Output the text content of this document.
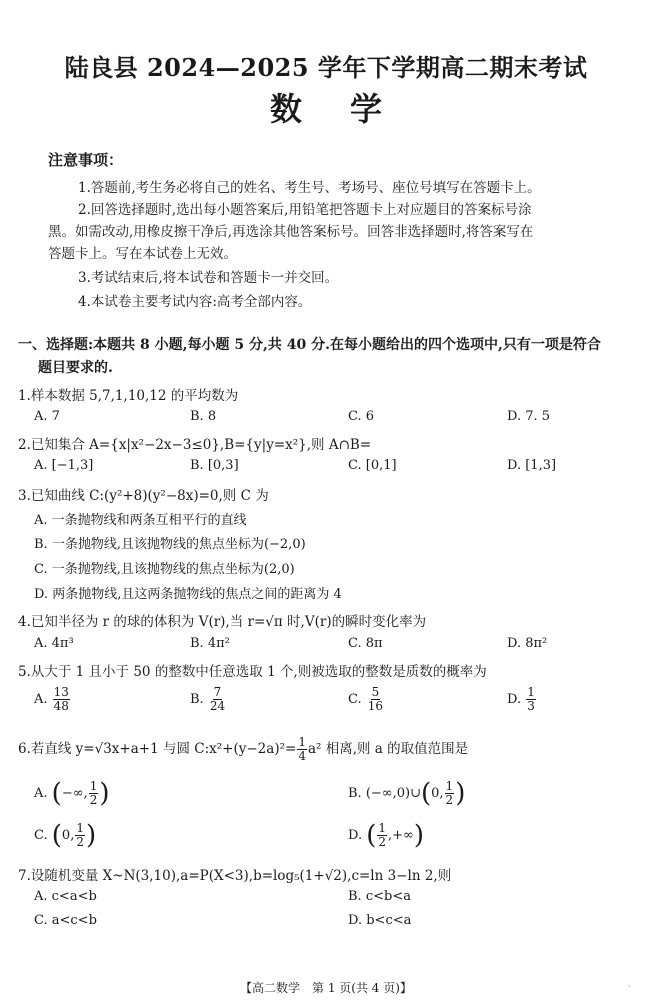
陆良县 2024—2025 学年下学期高二期末考试
数学
注意事项：
1.答题前,考生务必将自己的姓名、考生号、考场号、座位号填写在答题卡上。
2.回答选择题时,选出每小题答案后,用铅笔把答题卡上对应题目的答案标号涂
黑。如需改动,用橡皮擦干净后,再选涂其他答案标号。回答非选择题时,将答案写在
答题卡上。写在本试卷上无效。
3.考试结束后,将本试卷和答题卡一并交回。
4.本试卷主要考试内容:高考全部内容。
一、选择题:本题共 8 小题,每小题 5 分,共 40 分.在每小题给出的四个选项中,只有一项是符合
题目要求的.
1.样本数据 5,7,1,10,12 的平均数为
A. 7	B. 8	C. 6	D. 7. 5
2.已知集合 A={x|x²−2x−3≤0},B={y|y=x²},则 A∩B=
A. [−1,3]	B. [0,3]	C. [0,1]	D. [1,3]
3.已知曲线 C:(y²+8)(y²−8x)=0,则 C 为
A. 一条抛物线和两条互相平行的直线
B. 一条抛物线,且该抛物线的焦点坐标为(−2,0)
C. 一条抛物线,且该抛物线的焦点坐标为(2,0)
D. 两条抛物线,且这两条抛物线的焦点之间的距离为 4
4.已知半径为 r 的球的体积为 V(r),当 r=√π 时,V(r)的瞬时变化率为
A. 4π³	B. 4π²	C. 8π	D. 8π²
5.从大于 1 且小于 50 的整数中任意选取 1 个,则被选取的整数是质数的概率为
A. $\frac{13}{48}$	B. $\frac{7}{24}$	C. $\frac{5}{16}$	D. $\frac{1}{3}$
6.若直线 y=√3x+a+1 与圆 C:x²+(y−2a)²= $\frac{1}{4} a^2$ 相离,则 a 的取值范围是
A. (−∞, $\frac{1}{2}$ )	B. (−∞,0)∪(0, $\frac{1}{2}$ )
C. (0, $\frac{1}{2}$ )	D. ( $\frac{1}{2}$ ,+∞)
7.设随机变量 X~N(3,10),a=P(X<3),b=log₅(1+√2),c=ln 3−ln 2,则
A. c<a<b	B. c<b<a
C. a<c<b	D. b<c<a
【高二数学　第 1 页(共 4 页)】	·
